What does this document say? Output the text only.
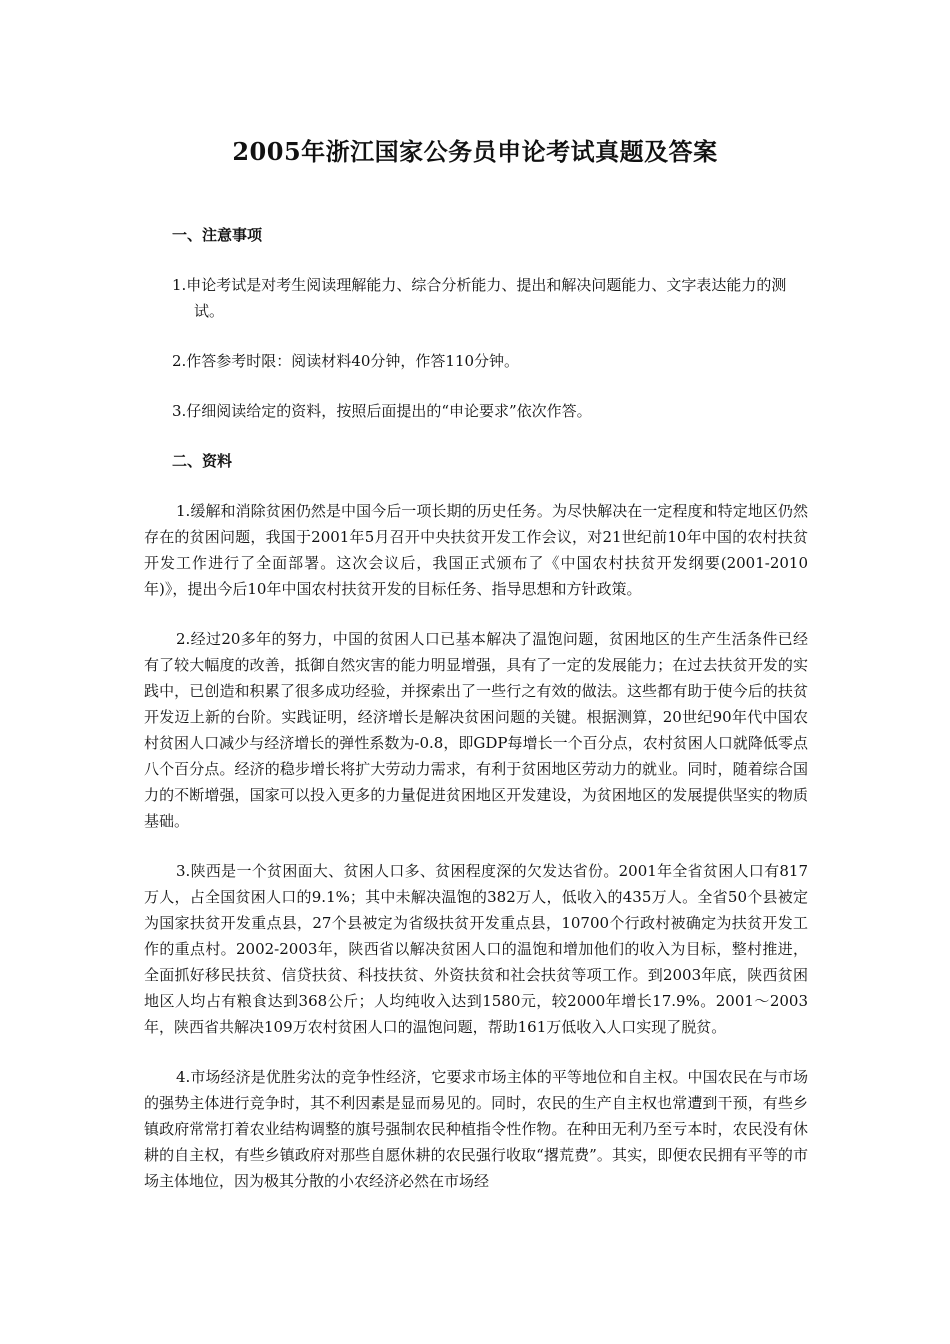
2005年浙江国家公务员申论考试真题及答案
一、注意事项
1.申论考试是对考生阅读理解能力、综合分析能力、提出和解决问题能力、文字表达能力的测试。
2.作答参考时限：阅读材料40分钟，作答110分钟。
3.仔细阅读给定的资料，按照后面提出的“申论要求”依次作答。
二、资料
1.缓解和消除贫困仍然是中国今后一项长期的历史任务。为尽快解决在一定程度和特定地区仍然存在的贫困问题，我国于2001年5月召开中央扶贫开发工作会议，对21世纪前10年中国的农村扶贫开发工作进行了全面部署。这次会议后，我国正式颁布了《中国农村扶贫开发纲要(2001-2010年)》，提出今后10年中国农村扶贫开发的目标任务、指导思想和方针政策。
2.经过20多年的努力，中国的贫困人口已基本解决了温饱问题，贫困地区的生产生活条件已经有了较大幅度的改善，抵御自然灾害的能力明显增强，具有了一定的发展能力；在过去扶贫开发的实践中，已创造和积累了很多成功经验，并探索出了一些行之有效的做法。这些都有助于使今后的扶贫开发迈上新的台阶。实践证明，经济增长是解决贫困问题的关键。根据测算，20世纪90年代中国农村贫困人口减少与经济增长的弹性系数为-0.8，即GDP每增长一个百分点，农村贫困人口就降低零点八个百分点。经济的稳步增长将扩大劳动力需求，有利于贫困地区劳动力的就业。同时，随着综合国力的不断增强，国家可以投入更多的力量促进贫困地区开发建设，为贫困地区的发展提供坚实的物质基础。
3.陕西是一个贫困面大、贫困人口多、贫困程度深的欠发达省份。2001年全省贫困人口有817万人，占全国贫困人口的9.1%；其中未解决温饱的382万人，低收入的435万人。全省50个县被定为国家扶贫开发重点县，27个县被定为省级扶贫开发重点县，10700个行政村被确定为扶贫开发工作的重点村。2002-2003年，陕西省以解决贫困人口的温饱和增加他们的收入为目标，整村推进，全面抓好移民扶贫、信贷扶贫、科技扶贫、外资扶贫和社会扶贫等项工作。到2003年底，陕西贫困地区人均占有粮食达到368公斤；人均纯收入达到1580元，较2000年增长17.9%。2001～2003年，陕西省共解决109万农村贫困人口的温饱问题，帮助161万低收入人口实现了脱贫。
4.市场经济是优胜劣汰的竞争性经济，它要求市场主体的平等地位和自主权。中国农民在与市场的强势主体进行竞争时，其不利因素是显而易见的。同时，农民的生产自主权也常遭到干预，有些乡镇政府常常打着农业结构调整的旗号强制农民种植指令性作物。在种田无利乃至亏本时，农民没有休耕的自主权，有些乡镇政府对那些自愿休耕的农民强行收取“撂荒费”。其实，即便农民拥有平等的市场主体地位，因为极其分散的小农经济必然在市场经
